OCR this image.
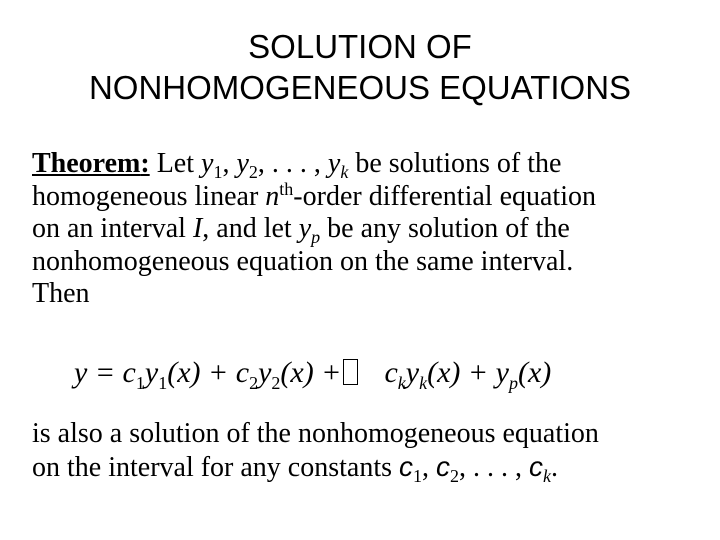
SOLUTION OF
NONHOMOGENEOUS EQUATIONS
Theorem: Let $y_1$, $y_2$, . . . , $y_k$ be solutions of the
homogeneous linear $n^{th}$-order differential equation
on an interval I, and let $y_p$ be any solution of the
nonhomogeneous equation on the same interval.
Then
$y = c_1y_1(x) + c_2y_2(x) + c_ky_k(x) + y_p(x)$
is also a solution of the nonhomogeneous equation
on the interval for any constants $c_1$, $c_2$, . . . , $c_k$.
